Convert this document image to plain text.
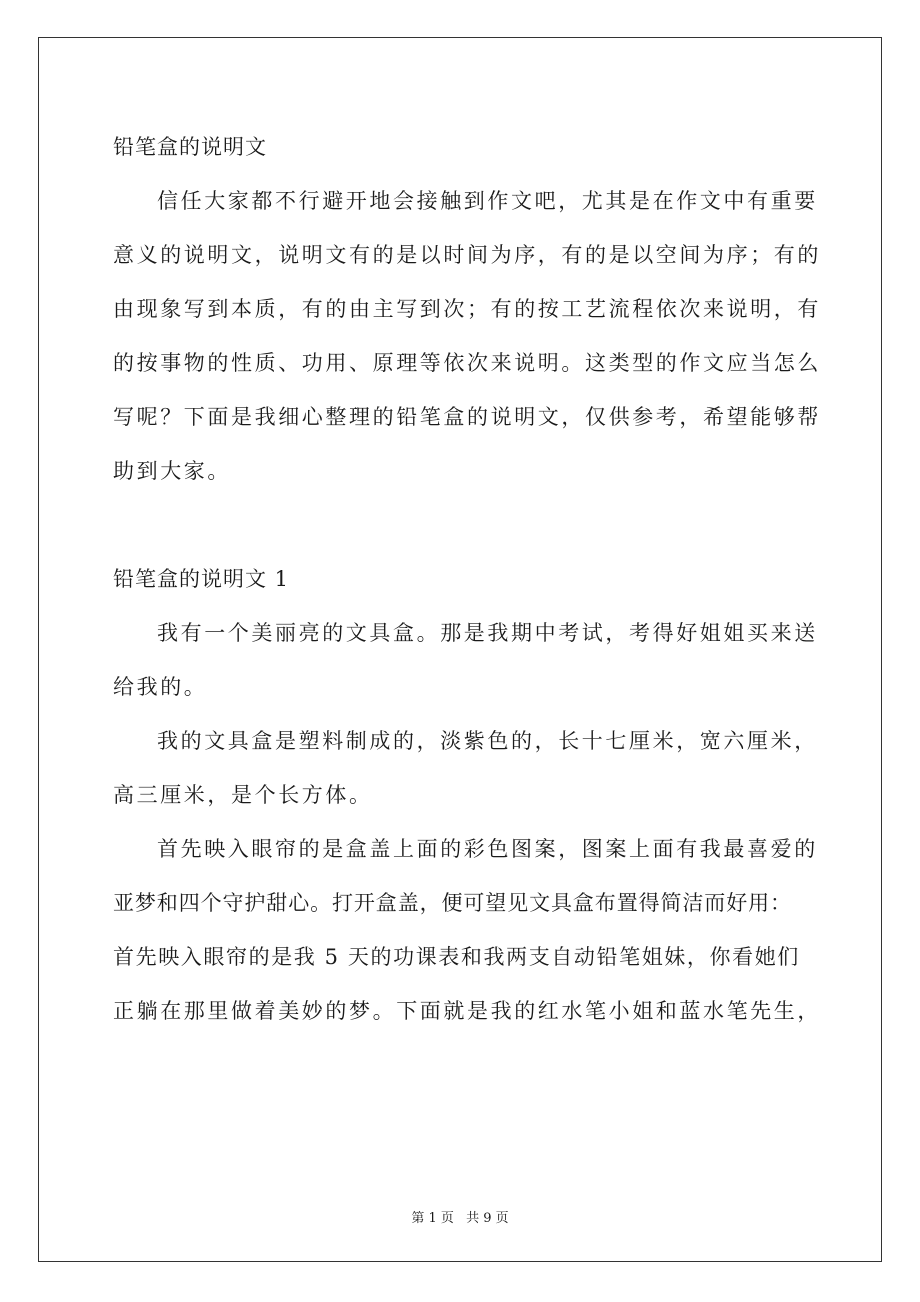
铅笔盒的说明文
信任大家都不行避开地会接触到作文吧，尤其是在作文中有重要
意义的说明文，说明文有的是以时间为序，有的是以空间为序；有的
由现象写到本质，有的由主写到次；有的按工艺流程依次来说明，有
的按事物的性质、功用、原理等依次来说明。这类型的作文应当怎么
写呢？下面是我细心整理的铅笔盒的说明文，仅供参考，希望能够帮
助到大家。
铅笔盒的说明文 1
我有一个美丽亮的文具盒。那是我期中考试，考得好姐姐买来送
给我的。
我的文具盒是塑料制成的，淡紫色的，长十七厘米，宽六厘米，
高三厘米，是个长方体。
首先映入眼帘的是盒盖上面的彩色图案，图案上面有我最喜爱的
亚梦和四个守护甜心。打开盒盖，便可望见文具盒布置得简洁而好用：
首先映入眼帘的是我 5 天的功课表和我两支自动铅笔姐妹，你看她们
正躺在那里做着美妙的梦。下面就是我的红水笔小姐和蓝水笔先生，
第 1 页 共 9 页
